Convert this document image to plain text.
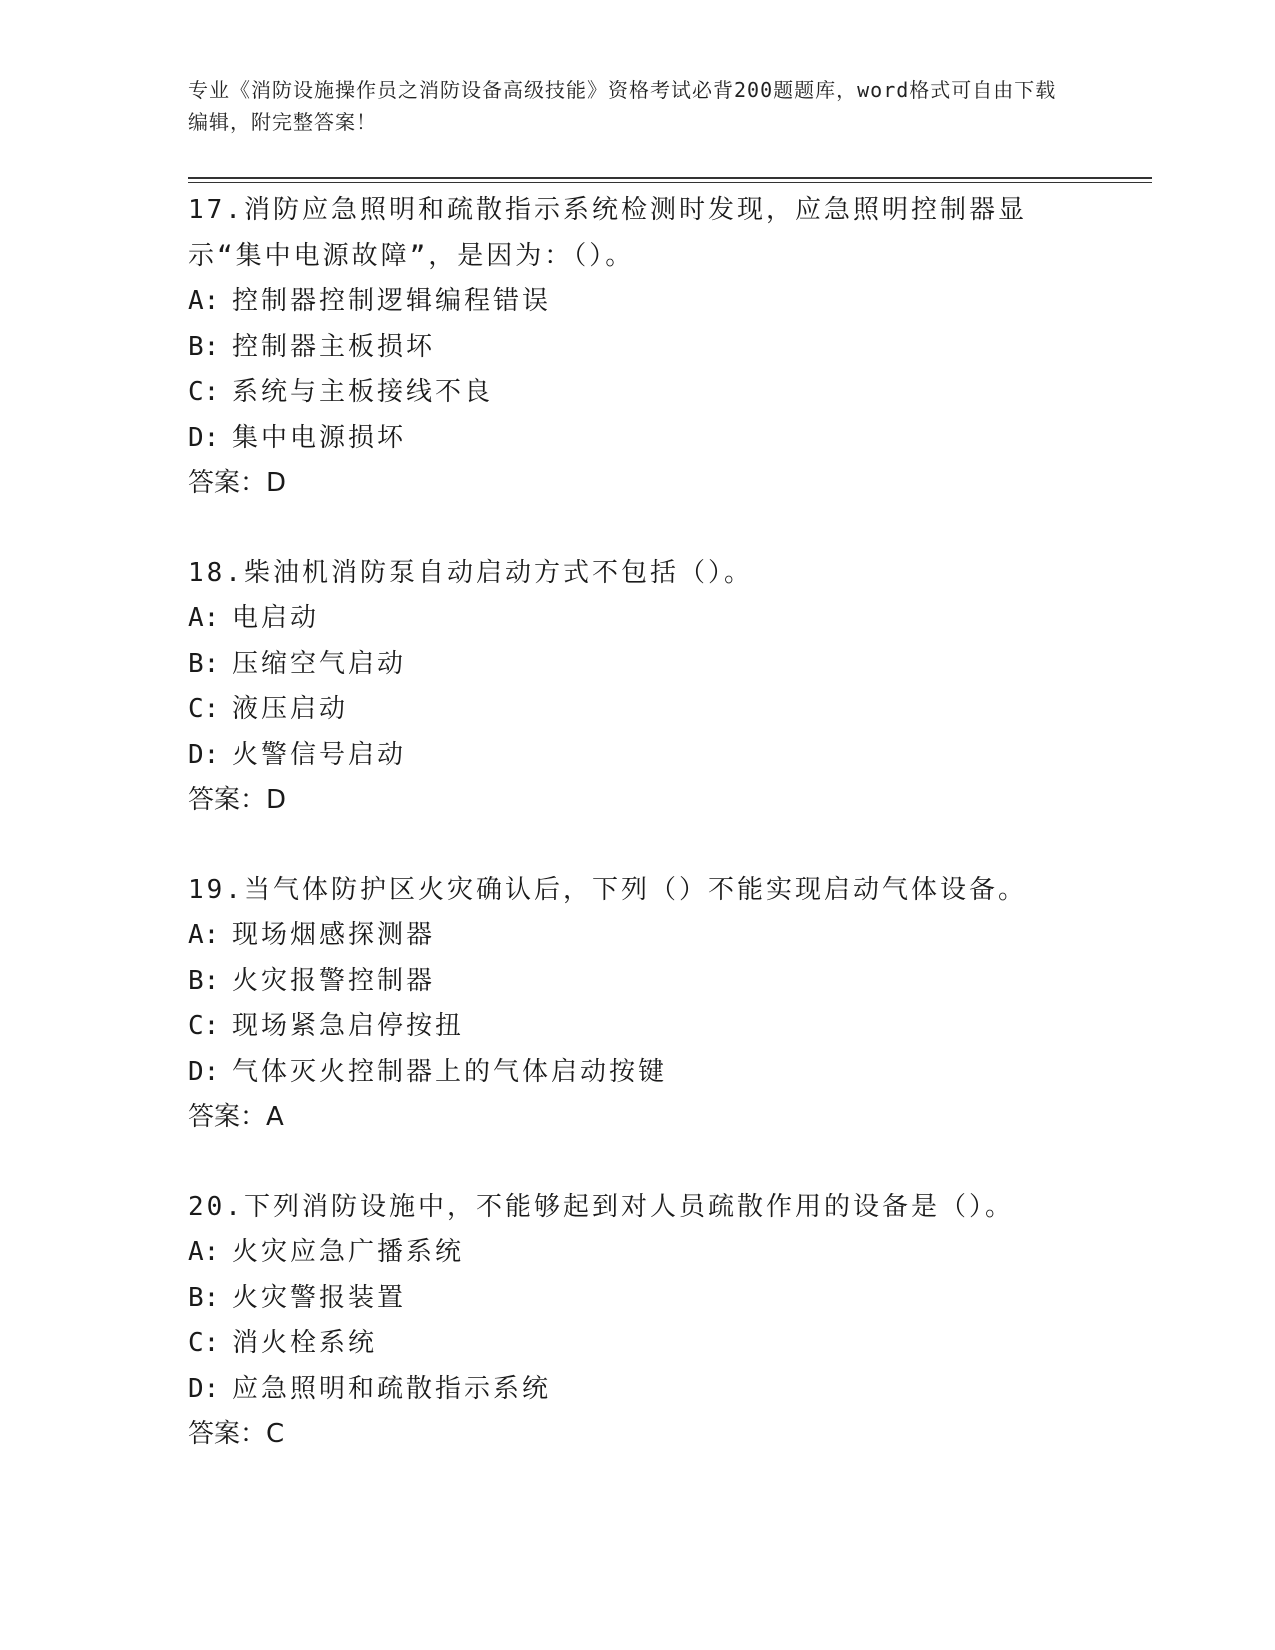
专业《消防设施操作员之消防设备高级技能》资格考试必背200题题库，word格式可自由下载编辑，附完整答案！
17.消防应急照明和疏散指示系统检测时发现，应急照明控制器显示“集中电源故障”，是因为：（）。
A: 控制器控制逻辑编程错误
B: 控制器主板损坏
C: 系统与主板接线不良
D: 集中电源损坏
答案：D
18.柴油机消防泵自动启动方式不包括（）。
A: 电启动
B: 压缩空气启动
C: 液压启动
D: 火警信号启动
答案：D
19.当气体防护区火灾确认后，下列（）不能实现启动气体设备。
A: 现场烟感探测器
B: 火灾报警控制器
C: 现场紧急启停按扭
D: 气体灭火控制器上的气体启动按键
答案：A
20.下列消防设施中，不能够起到对人员疏散作用的设备是（）。
A: 火灾应急广播系统
B: 火灾警报装置
C: 消火栓系统
D: 应急照明和疏散指示系统
答案：C
